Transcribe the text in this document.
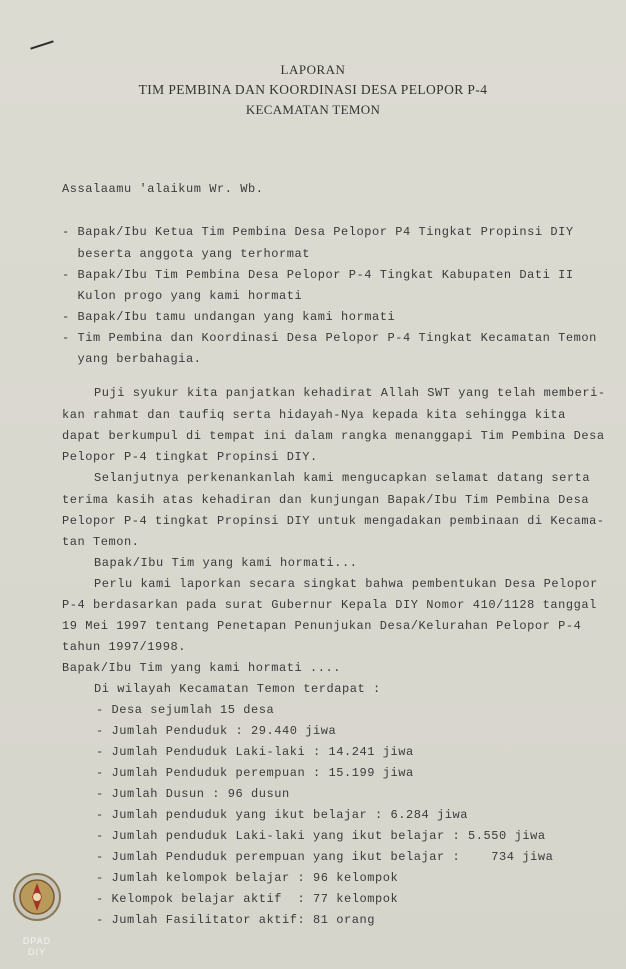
LAPORAN
TIM PEMBINA DAN KOORDINASI DESA PELOPOR P-4
KECAMATAN TEMON
Assalaamu 'alaikum Wr. Wb.
- Bapak/Ibu Ketua Tim Pembina Desa Pelopor P4 Tingkat Propinsi DIY
beserta anggota yang terhormat
- Bapak/Ibu Tim Pembina Desa Pelopor P-4 Tingkat Kabupaten Dati II
Kulon progo yang kami hormati
- Bapak/Ibu tamu undangan yang kami hormati
- Tim Pembina dan Koordinasi Desa Pelopor P-4 Tingkat Kecamatan Temon
yang berbahagia.
Puji syukur kita panjatkan kehadirat Allah SWT yang telah memberi-
kan rahmat dan taufiq serta hidayah-Nya kepada kita sehingga kita
dapat berkumpul di tempat ini dalam rangka menanggapi Tim Pembina Desa
Pelopor P-4 tingkat Propinsi DIY.
Selanjutnya perkenankanlah kami mengucapkan selamat datang serta
terima kasih atas kehadiran dan kunjungan Bapak/Ibu Tim Pembina Desa
Pelopor P-4 tingkat Propinsi DIY untuk mengadakan pembinaan di Kecama-
tan Temon.
Bapak/Ibu Tim yang kami hormati...
Perlu kami laporkan secara singkat bahwa pembentukan Desa Pelopor
P-4 berdasarkan pada surat Gubernur Kepala DIY Nomor 410/1128 tanggal
19 Mei 1997 tentang Penetapan Penunjukan Desa/Kelurahan Pelopor P-4
tahun 1997/1998.
Bapak/Ibu Tim yang kami hormati ....
Di wilayah Kecamatan Temon terdapat :
- Desa sejumlah 15 desa
- Jumlah Penduduk : 29.440 jiwa
- Jumlah Penduduk Laki-laki : 14.241 jiwa
- Jumlah Penduduk perempuan : 15.199 jiwa
- Jumlah Dusun : 96 dusun
- Jumlah penduduk yang ikut belajar : 6.284 jiwa
- Jumlah penduduk Laki-laki yang ikut belajar : 5.550 jiwa
- Jumlah Penduduk perempuan yang ikut belajar :    734 jiwa
- Jumlah kelompok belajar : 96 kelompok
- Kelompok belajar aktif  : 77 kelompok
- Jumlah Fasilitator aktif: 81 orang
DPAD
DIY
